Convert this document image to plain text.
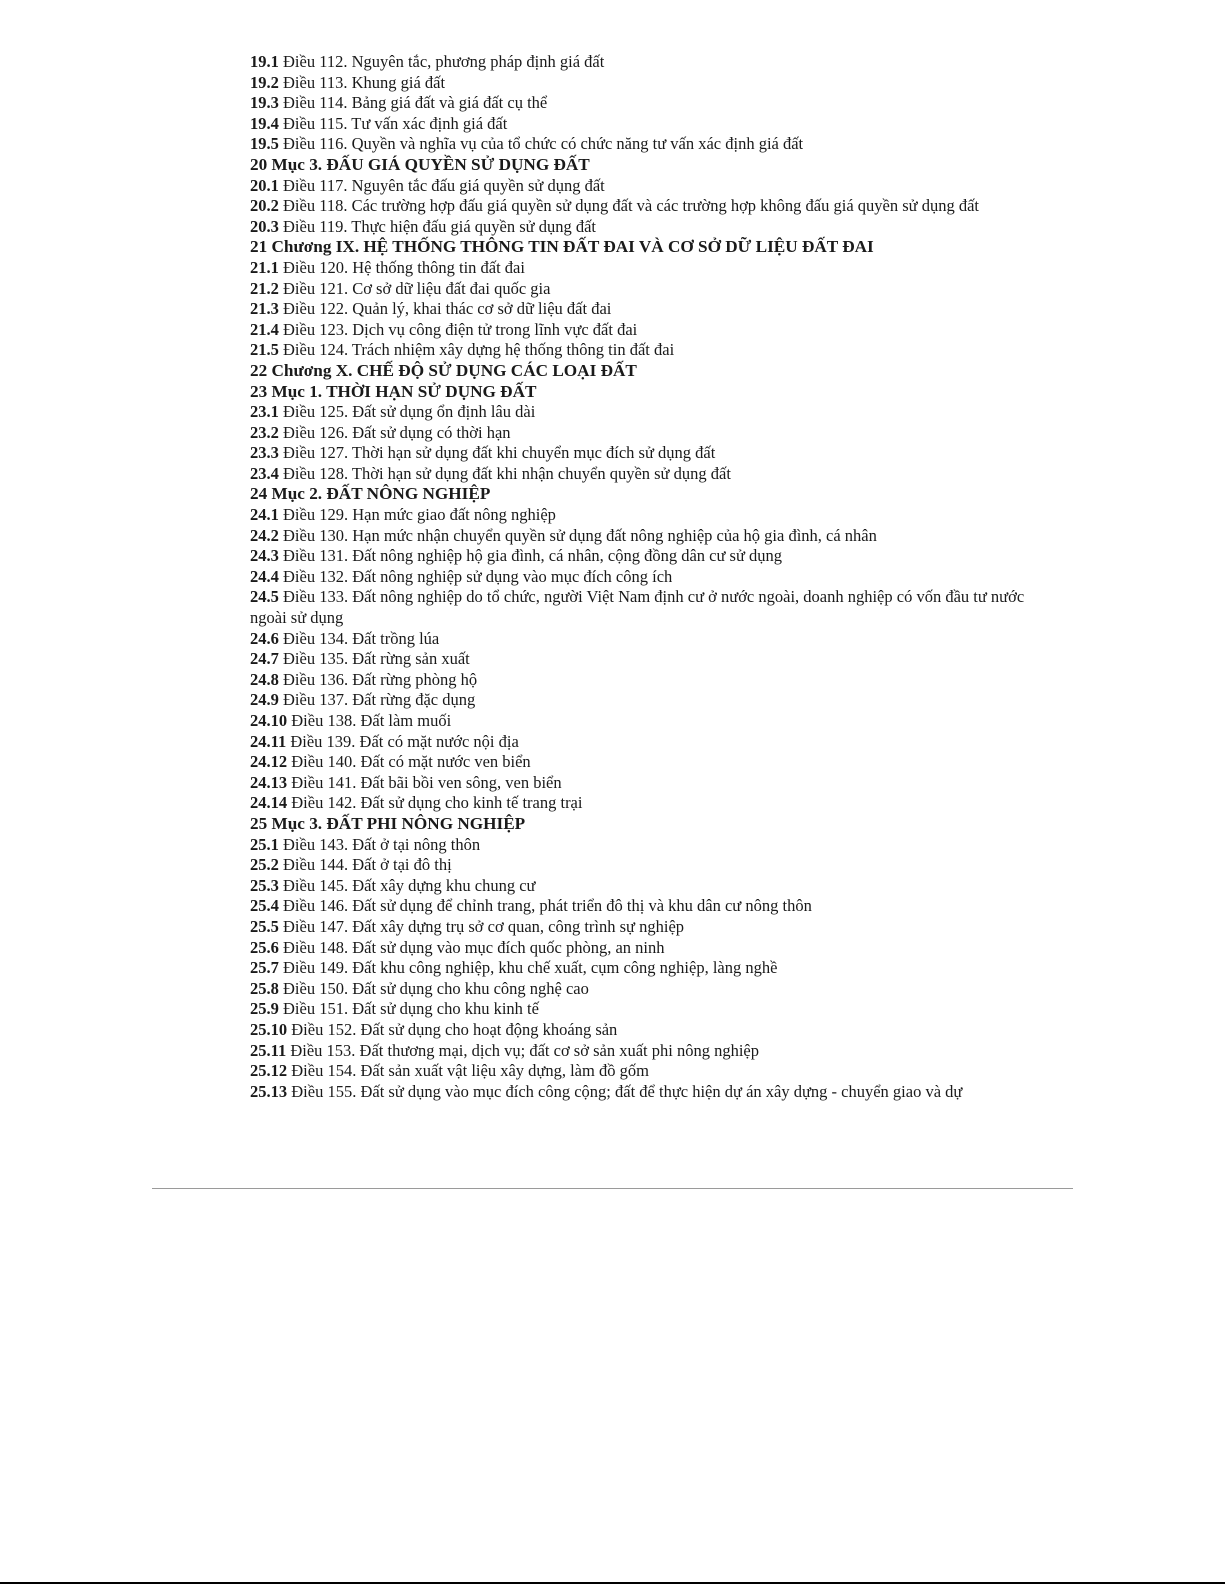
19.1 Điều 112. Nguyên tắc, phương pháp định giá đất
19.2 Điều 113. Khung giá đất
19.3 Điều 114. Bảng giá đất và giá đất cụ thể
19.4 Điều 115. Tư vấn xác định giá đất
19.5 Điều 116. Quyền và nghĩa vụ của tổ chức có chức năng tư vấn xác định giá đất
20 Mục 3. ĐẤU GIÁ QUYỀN SỬ DỤNG ĐẤT
20.1 Điều 117. Nguyên tắc đấu giá quyền sử dụng đất
20.2 Điều 118. Các trường hợp đấu giá quyền sử dụng đất và các trường hợp không đấu giá quyền sử dụng đất
20.3 Điều 119. Thực hiện đấu giá quyền sử dụng đất
21 Chương IX. HỆ THỐNG THÔNG TIN ĐẤT ĐAI VÀ CƠ SỞ DỮ LIỆU ĐẤT ĐAI
21.1 Điều 120. Hệ thống thông tin đất đai
21.2 Điều 121. Cơ sở dữ liệu đất đai quốc gia
21.3 Điều 122. Quản lý, khai thác cơ sở dữ liệu đất đai
21.4 Điều 123. Dịch vụ công điện tử trong lĩnh vực đất đai
21.5 Điều 124. Trách nhiệm xây dựng hệ thống thông tin đất đai
22 Chương X. CHẾ ĐỘ SỬ DỤNG CÁC LOẠI ĐẤT
23 Mục 1. THỜI HẠN SỬ DỤNG ĐẤT
23.1 Điều 125. Đất sử dụng ổn định lâu dài
23.2 Điều 126. Đất sử dụng có thời hạn
23.3 Điều 127. Thời hạn sử dụng đất khi chuyển mục đích sử dụng đất
23.4 Điều 128. Thời hạn sử dụng đất khi nhận chuyển quyền sử dụng đất
24 Mục 2. ĐẤT NÔNG NGHIỆP
24.1 Điều 129. Hạn mức giao đất nông nghiệp
24.2 Điều 130. Hạn mức nhận chuyển quyền sử dụng đất nông nghiệp của hộ gia đình, cá nhân
24.3 Điều 131. Đất nông nghiệp hộ gia đình, cá nhân, cộng đồng dân cư sử dụng
24.4 Điều 132. Đất nông nghiệp sử dụng vào mục đích công ích
24.5 Điều 133. Đất nông nghiệp do tổ chức, người Việt Nam định cư ở nước ngoài, doanh nghiệp có vốn đầu tư nước ngoài sử dụng
24.6 Điều 134. Đất trồng lúa
24.7 Điều 135. Đất rừng sản xuất
24.8 Điều 136. Đất rừng phòng hộ
24.9 Điều 137. Đất rừng đặc dụng
24.10 Điều 138. Đất làm muối
24.11 Điều 139. Đất có mặt nước nội địa
24.12 Điều 140. Đất có mặt nước ven biển
24.13 Điều 141. Đất bãi bồi ven sông, ven biển
24.14 Điều 142. Đất sử dụng cho kinh tế trang trại
25 Mục 3. ĐẤT PHI NÔNG NGHIỆP
25.1 Điều 143. Đất ở tại nông thôn
25.2 Điều 144. Đất ở tại đô thị
25.3 Điều 145. Đất xây dựng khu chung cư
25.4 Điều 146. Đất sử dụng để chỉnh trang, phát triển đô thị và khu dân cư nông thôn
25.5 Điều 147. Đất xây dựng trụ sở cơ quan, công trình sự nghiệp
25.6 Điều 148. Đất sử dụng vào mục đích quốc phòng, an ninh
25.7 Điều 149. Đất khu công nghiệp, khu chế xuất, cụm công nghiệp, làng nghề
25.8 Điều 150. Đất sử dụng cho khu công nghệ cao
25.9 Điều 151. Đất sử dụng cho khu kinh tế
25.10 Điều 152. Đất sử dụng cho hoạt động khoáng sản
25.11 Điều 153. Đất thương mại, dịch vụ; đất cơ sở sản xuất phi nông nghiệp
25.12 Điều 154. Đất sản xuất vật liệu xây dựng, làm đồ gốm
25.13 Điều 155. Đất sử dụng vào mục đích công cộng; đất để thực hiện dự án xây dựng - chuyển giao và dự
